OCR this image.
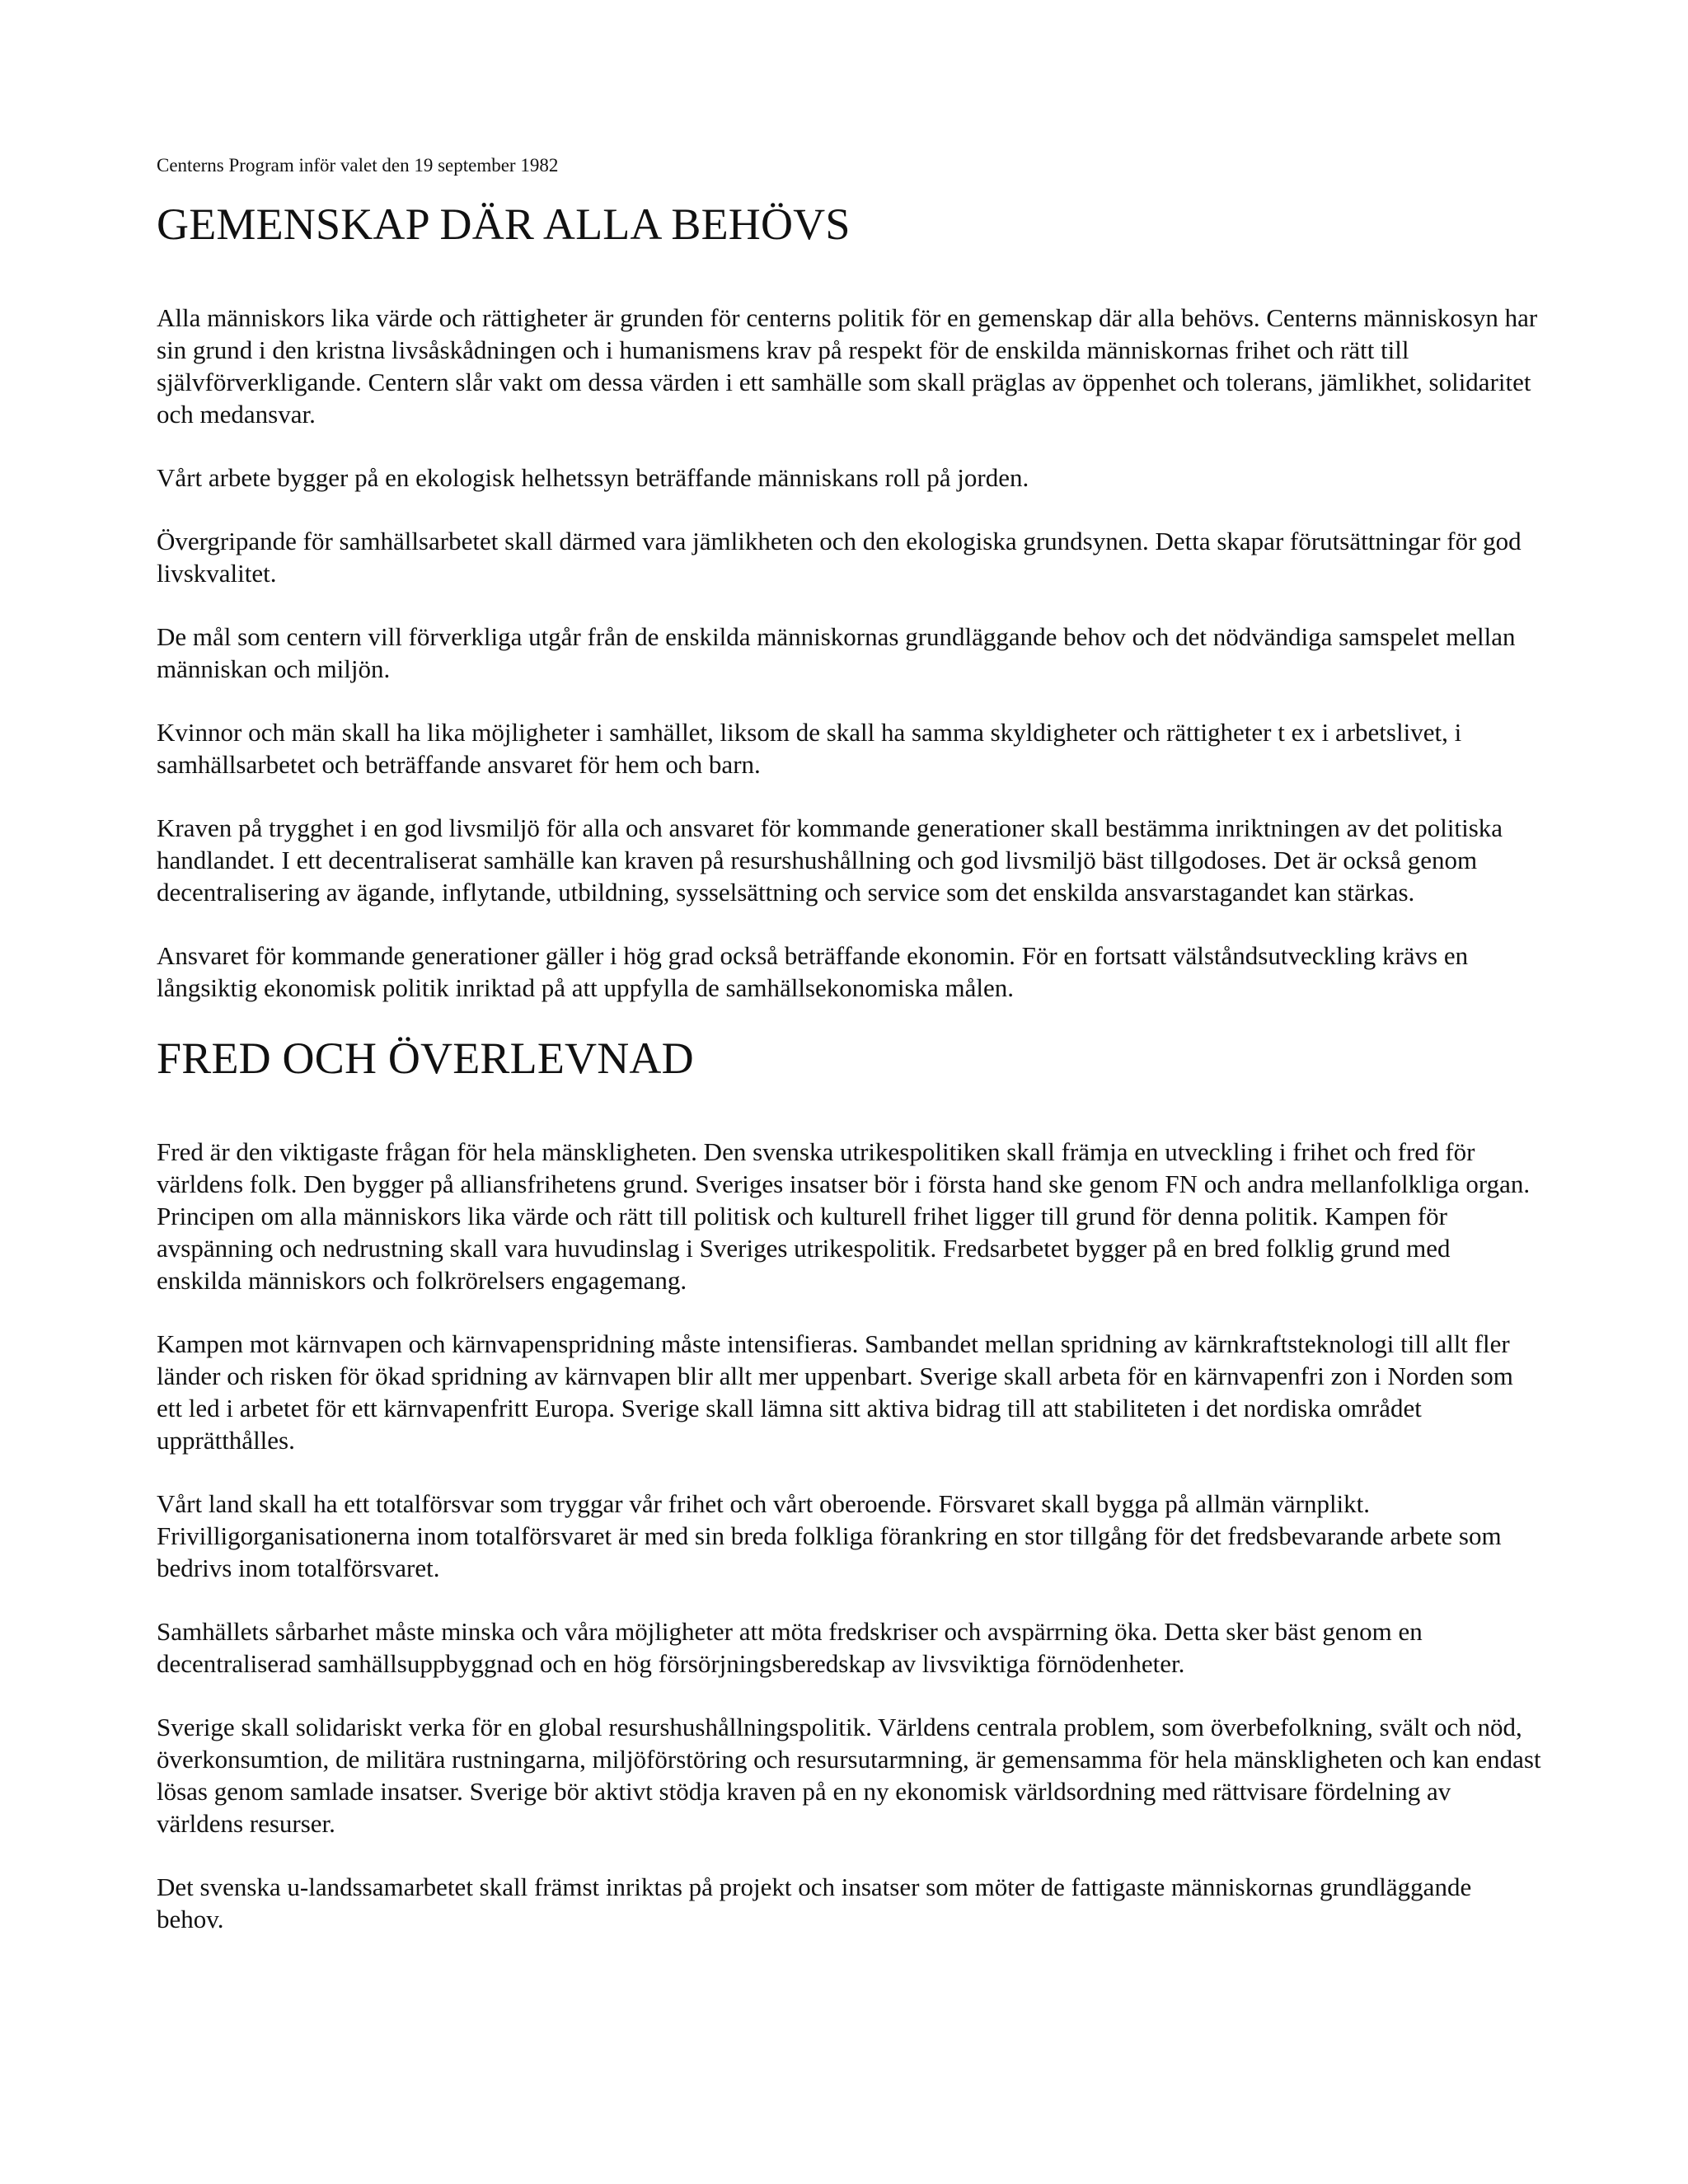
Centerns Program inför valet den 19 september 1982
GEMENSKAP DÄR ALLA BEHÖVS

Alla människors lika värde och rättigheter är grunden för centerns politik för en gemenskap där alla behövs. Centerns människosyn har sin grund i den kristna livsåskådningen och i humanismens krav på respekt för de enskilda människornas frihet och rätt till självförverkligande. Centern slår vakt om dessa värden i ett samhälle som skall präglas av öppenhet och tolerans, jämlikhet, solidaritet och medansvar.

Vårt arbete bygger på en ekologisk helhetssyn beträffande människans roll på jorden.

Övergripande för samhällsarbetet skall därmed vara jämlikheten och den ekologiska grundsynen. Detta skapar förutsättningar för god livskvalitet.

De mål som centern vill förverkliga utgår från de enskilda människornas grundläggande behov och det nödvändiga samspelet mellan människan och miljön.

Kvinnor och män skall ha lika möjligheter i samhället, liksom de skall ha samma skyldigheter och rättigheter t ex i arbetslivet, i samhällsarbetet och beträffande ansvaret för hem och barn.

Kraven på trygghet i en god livsmiljö för alla och ansvaret för kommande generationer skall bestämma inriktningen av det politiska handlandet. I ett decentraliserat samhälle kan kraven på resurshushållning och god livsmiljö bäst tillgodoses. Det är också genom decentralisering av ägande, inflytande, utbildning, sysselsättning och service som det enskilda ansvarstagandet kan stärkas.

Ansvaret för kommande generationer gäller i hög grad också beträffande ekonomin. För en fortsatt välståndsutveckling krävs en långsiktig ekonomisk politik inriktad på att uppfylla de samhällsekonomiska målen.

FRED OCH ÖVERLEVNAD

Fred är den viktigaste frågan för hela mänskligheten. Den svenska utrikespolitiken skall främja en utveckling i frihet och fred för världens folk. Den bygger på alliansfrihetens grund. Sveriges insatser bör i första hand ske genom FN och andra mellanfolkliga organ. Principen om alla människors lika värde och rätt till politisk och kulturell frihet ligger till grund för denna politik. Kampen för avspänning och nedrustning skall vara huvudinslag i Sveriges utrikespolitik. Fredsarbetet bygger på en bred folklig grund med enskilda människors och folkrörelsers engagemang.

Kampen mot kärnvapen och kärnvapenspridning måste intensifieras. Sambandet mellan spridning av kärnkraftsteknologi till allt fler länder och risken för ökad spridning av kärnvapen blir allt mer uppenbart. Sverige skall arbeta för en kärnvapenfri zon i Norden som ett led i arbetet för ett kärnvapenfritt Europa. Sverige skall lämna sitt aktiva bidrag till att stabiliteten i det nordiska området upprätthålles.

Vårt land skall ha ett totalförsvar som tryggar vår frihet och vårt oberoende. Försvaret skall bygga på allmän värnplikt. Frivilligorganisationerna inom totalförsvaret är med sin breda folkliga förankring en stor tillgång för det fredsbevarande arbete som bedrivs inom totalförsvaret.

Samhällets sårbarhet måste minska och våra möjligheter att möta fredskriser och avspärrning öka. Detta sker bäst genom en decentraliserad samhällsuppbyggnad och en hög försörjningsberedskap av livsviktiga förnödenheter.

Sverige skall solidariskt verka för en global resurshushållningspolitik. Världens centrala problem, som överbefolkning, svält och nöd, överkonsumtion, de militära rustningarna, miljöförstöring och resursutarmning, är gemensamma för hela mänskligheten och kan endast lösas genom samlade insatser. Sverige bör aktivt stödja kraven på en ny ekonomisk världsordning med rättvisare fördelning av världens resurser.

Det svenska u-landssamarbetet skall främst inriktas på projekt och insatser som möter de fattigaste människornas grundläggande behov.
